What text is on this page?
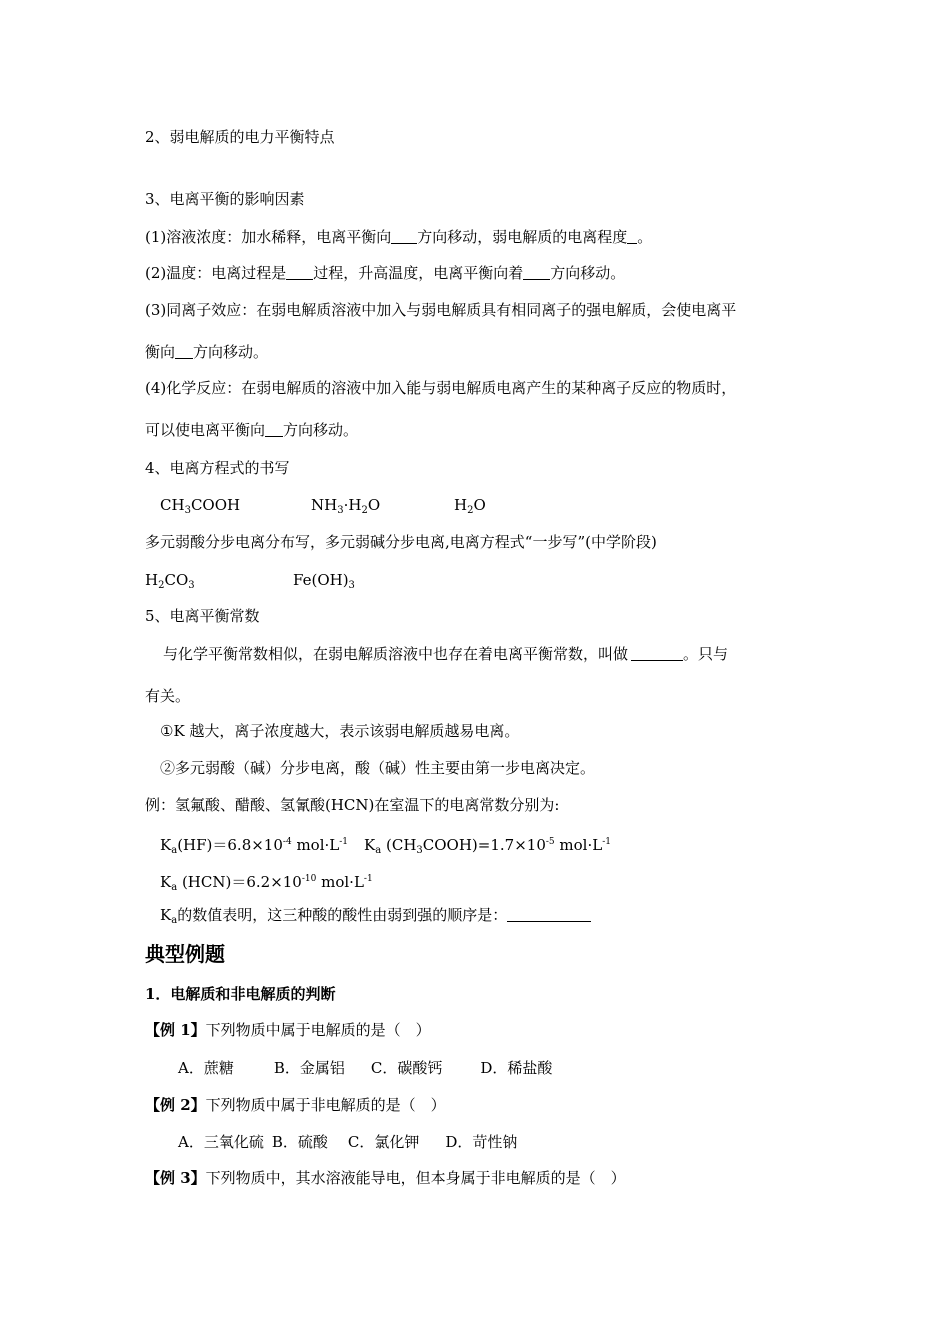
2、弱电解质的电力平衡特点
3、电离平衡的影响因素
(1)溶液浓度：加水稀释，电离平衡向 方向移动，弱电解质的电离程度 。
(2)温度：电离过程是 过程，升高温度，电离平衡向着 方向移动。
(3)同离子效应：在弱电解质溶液中加入与弱电解质具有相同离子的强电解质，会使电离平
衡向 方向移动。
(4)化学反应：在弱电解质的溶液中加入能与弱电解质电离产生的某种离子反应的物质时，
可以使电离平衡向 方向移动。
4、电离方程式的书写
$CH_3COOH$	$NH_3\cdot H_2O$	$H_2O$
多元弱酸分步电离分布写，多元弱碱分步电离,电离方程式“一步写”(中学阶段)
$H_2CO_3$	$Fe(OH)_3$
5、电离平衡常数
与化学平衡常数相似，在弱电解质溶液中也存在着电离平衡常数，叫做	。只与
有关。
①K 越大，离子浓度越大，表示该弱电解质越易电离。
②多元弱酸（碱）分步电离，酸（碱）性主要由第一步电离决定。
例：氢氟酸、醋酸、氢氰酸(HCN)在室温下的电离常数分别为:
$K_a(HF)=6.8\times 10^{-4}$ $mol\cdot L^{-1}$ $K_a$ $(CH_3COOH)=1.7\times 10^{-5}$ $mol\cdot L^{-1}$
$K_a$ $(HCN)=6.2\times 10^{-10}$ $mol\cdot L^{-1}$
$K_a$的数值表明，这三种酸的酸性由弱到强的顺序是：
典型例题
1．电解质和非电解质的判断
【例 1】下列物质中属于电解质的是（　）
A．蔗糖	B．金属铝 C．碳酸钙	D．稀盐酸
【例 2】下列物质中属于非电解质的是（　）
A．三氧化硫 B．硫酸 C．氯化钾 D．苛性钠
【例 3】下列物质中，其水溶液能导电，但本身属于非电解质的是（　）
